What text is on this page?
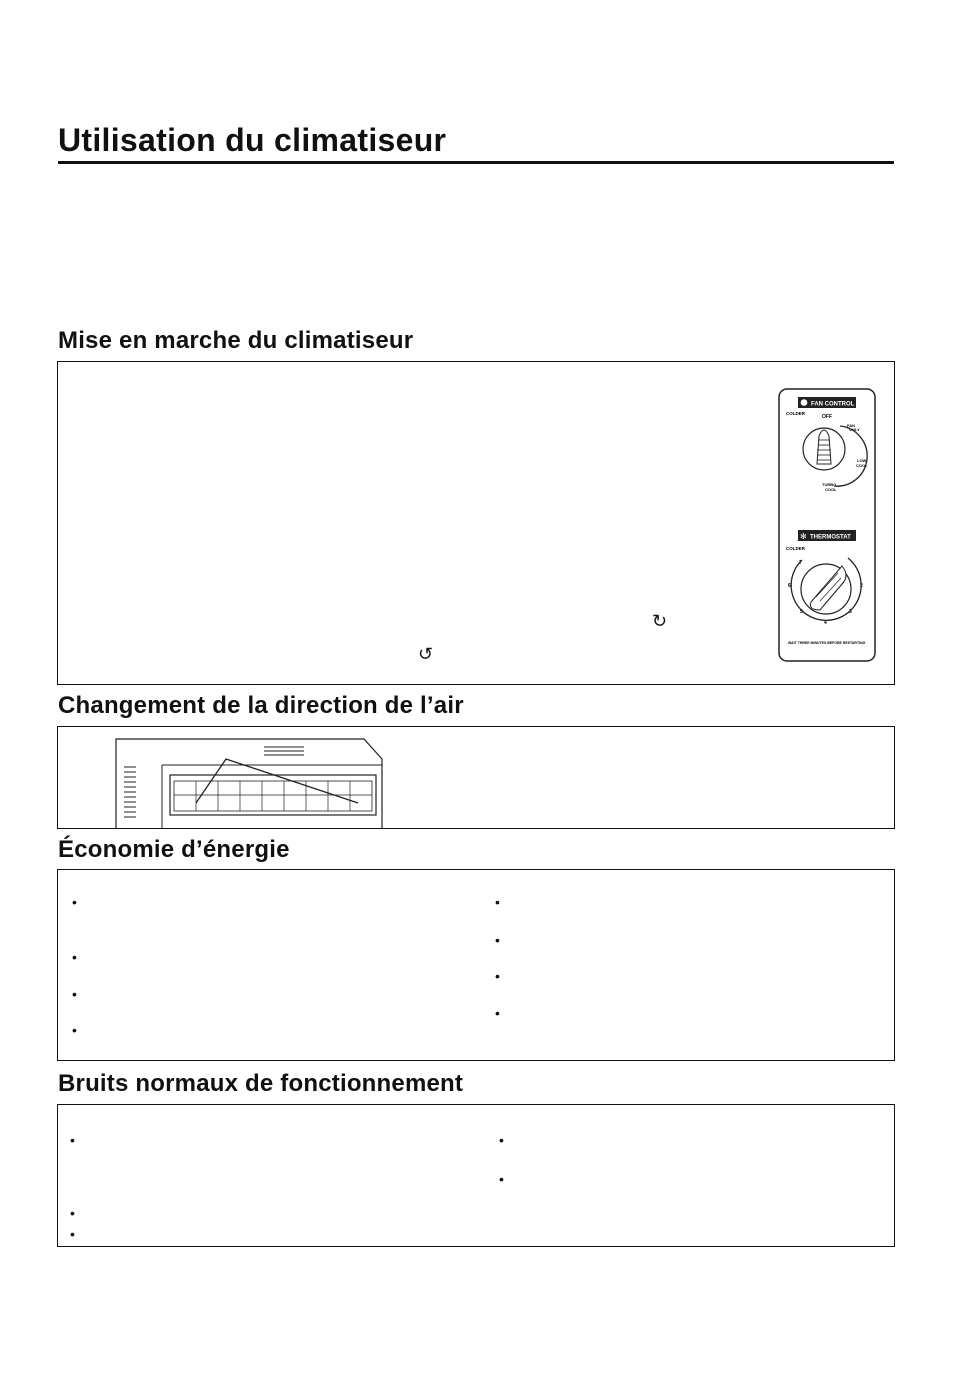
Utilisation du climatiseur
Mise en marche du climatiseur
FAN CONTROL
COLDER
OFF
FAN
ONLY
LOW
COOL
TURBO
COOL
✻ THERMOSTAT
COLDER
7
6
5
4
3
2
WAIT THREE MINUTES BEFORE RESTARTING
↻
↺
Changement de la direction de l’air
Économie d’énergie
•
•
•
•
•
•
•
•
Bruits normaux de fonctionnement
•
•
•
•
•
